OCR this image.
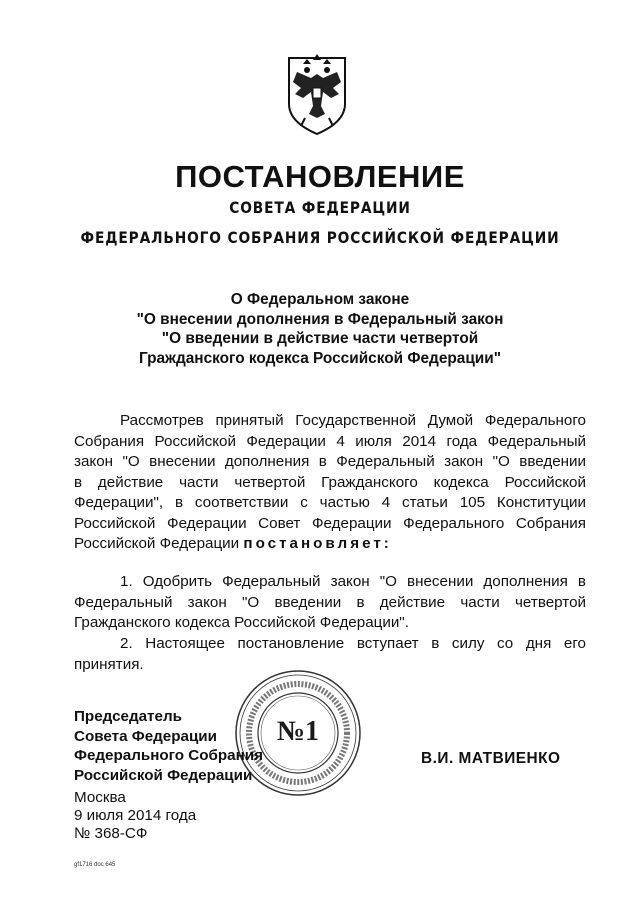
ПОСТАНОВЛЕНИЕ
СОВЕТА ФЕДЕРАЦИИ
ФЕДЕРАЛЬНОГО СОБРАНИЯ РОССИЙСКОЙ ФЕДЕРАЦИИ
О Федеральном законе
"О внесении дополнения в Федеральный закон
"О введении в действие части четвертой
Гражданского кодекса Российской Федерации"
Рассмотрев принятый Государственной Думой Федерального
Собрания Российской Федерации 4 июля 2014 года Федеральный
закон "О внесении дополнения в Федеральный закон "О введении
в действие части четвертой Гражданского кодекса Российской
Федерации", в соответствии с частью 4 статьи 105 Конституции
Российской Федерации Совет Федерации Федерального Собрания
Российской Федерации постановляет:
1. Одобрить Федеральный закон "О внесении дополнения в
Федеральный закон "О введении в действие части четвертой
Гражданского кодекса Российской Федерации".
2. Настоящее постановление вступает в силу со дня его
принятия.
№1
Председатель
Совета Федерации
Федерального Собрания
Российской Федерации
В.И. МАТВИЕНКО
Москва
9 июля 2014 года
№ 368-СФ
gf1716 doc 645
